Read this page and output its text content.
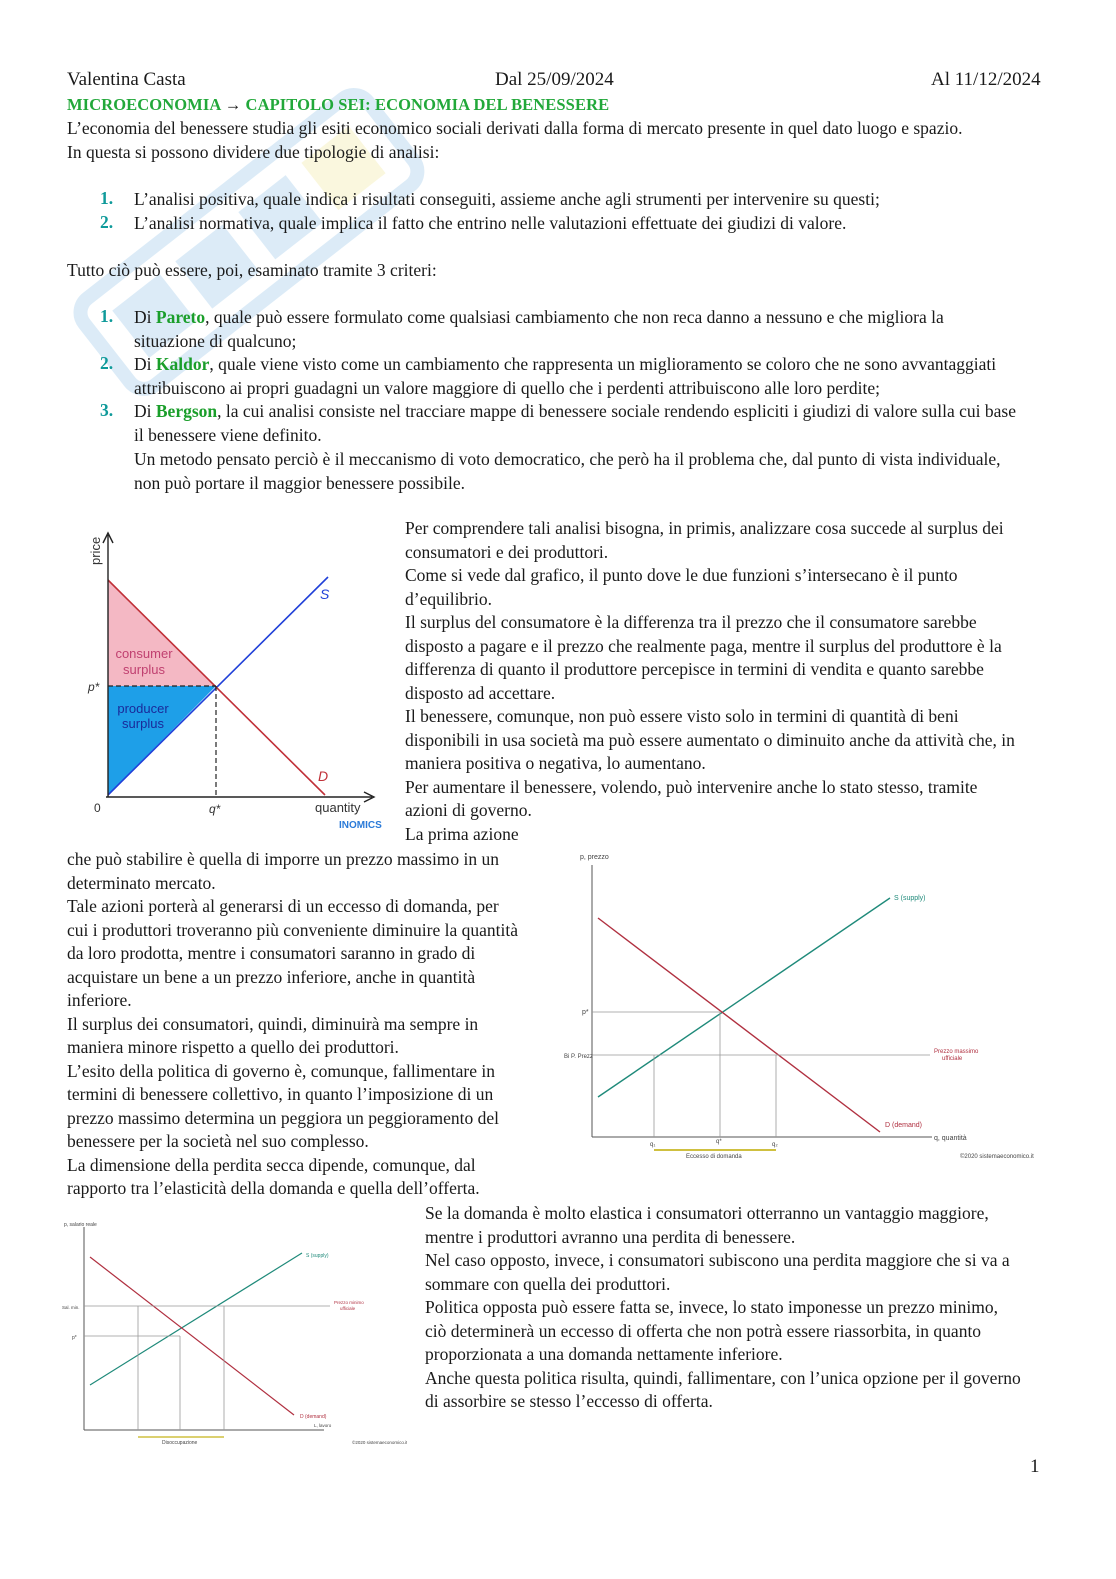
Valentina Casta	Dal 25/09/2024	Al 11/12/2024
MICROECONOMIA → CAPITOLO SEI: ECONOMIA DEL BENESSERE
L’economia del benessere studia gli esiti economico sociali derivati dalla forma di mercato presente in quel dato luogo e spazio.
In questa si possono dividere due tipologie di analisi:
1. L’analisi positiva, quale indica i risultati conseguiti, assieme anche agli strumenti per intervenire su questi;
2. L’analisi normativa, quale implica il fatto che entrino nelle valutazioni effettuate dei giudizi di valore.
Tutto ciò può essere, poi, esaminato tramite 3 criteri:
1. Di Pareto, quale può essere formulato come qualsiasi cambiamento che non reca danno a nessuno e che migliora la
situazione di qualcuno;
2. Di Kaldor, quale viene visto come un cambiamento che rappresenta un miglioramento se coloro che ne sono avvantaggiati
attribuiscono ai propri guadagni un valore maggiore di quello che i perdenti attribuiscono alle loro perdite;
3. Di Bergson, la cui analisi consiste nel tracciare mappe di benessere sociale rendendo espliciti i giudizi di valore sulla cui base
il benessere viene definito.
Un metodo pensato perciò è il meccanismo di voto democratico, che però ha il problema che, dal punto di vista individuale,
non può portare il maggior benessere possibile.
price
S
D
consumer
surplus
producer
surplus
p*
0	q*	quantity
INOMICS
Per comprendere tali analisi bisogna, in primis, analizzare cosa succede al surplus dei
consumatori e dei produttori.
Come si vede dal grafico, il punto dove le due funzioni s’intersecano è il punto
d’equilibrio.
Il surplus del consumatore è la differenza tra il prezzo che il consumatore sarebbe
disposto a pagare e il prezzo che realmente paga, mentre il surplus del produttore è la
differenza di quanto il produttore percepisce in termini di vendita e quanto sarebbe
disposto ad accettare.
Il benessere, comunque, non può essere visto solo in termini di quantità di beni
disponibili in usa società ma può essere aumentato o diminuito anche da attività che, in
maniera positiva o negativa, lo aumentano.
Per aumentare il benessere, volendo, può intervenire anche lo stato stesso, tramite
azioni di governo.
La prima azione
che può stabilire è quella di imporre un prezzo massimo in un
determinato mercato.
Tale azioni porterà al generarsi di un eccesso di domanda, per
cui i produttori troveranno più conveniente diminuire la quantità
da loro prodotta, mentre i consumatori saranno in grado di
acquistare un bene a un prezzo inferiore, anche in quantità
inferiore.
Il surplus dei consumatori, quindi, diminuirà ma sempre in
maniera minore rispetto a quello dei produttori.
L’esito della politica di governo è, comunque, fallimentare in
termini di benessere collettivo, in quanto l’imposizione di un
prezzo massimo determina un peggiora un peggioramento del
benessere per la società nel suo complesso.
La dimensione della perdita secca dipende, comunque, dal
rapporto tra l’elasticità della domanda e quella dell’offerta.
p, prezzo
S (supply)
D (demand)
p*
Bi P. Prezz
Prezzo massimo
ufficiale
q₁	q*	q₂
q, quantità
Eccesso di domanda	©2020 sistemaeconomico.it
p, salario reale
S (supply)
D (demand)
Sal. min.
p*
Prezzo minimo
ufficiale
L, lavoro
Disoccupazione	©2020 sistemaeconomico.it
Se la domanda è molto elastica i consumatori otterranno un vantaggio maggiore,
mentre i produttori avranno una perdita di benessere.
Nel caso opposto, invece, i consumatori subiscono una perdita maggiore che si va a
sommare con quella dei produttori.
Politica opposta può essere fatta se, invece, lo stato imponesse un prezzo minimo,
ciò determinerà un eccesso di offerta che non potrà essere riassorbita, in quanto
proporzionata a una domanda nettamente inferiore.
Anche questa politica risulta, quindi, fallimentare, con l’unica opzione per il governo
di assorbire se stesso l’eccesso di offerta.
1
